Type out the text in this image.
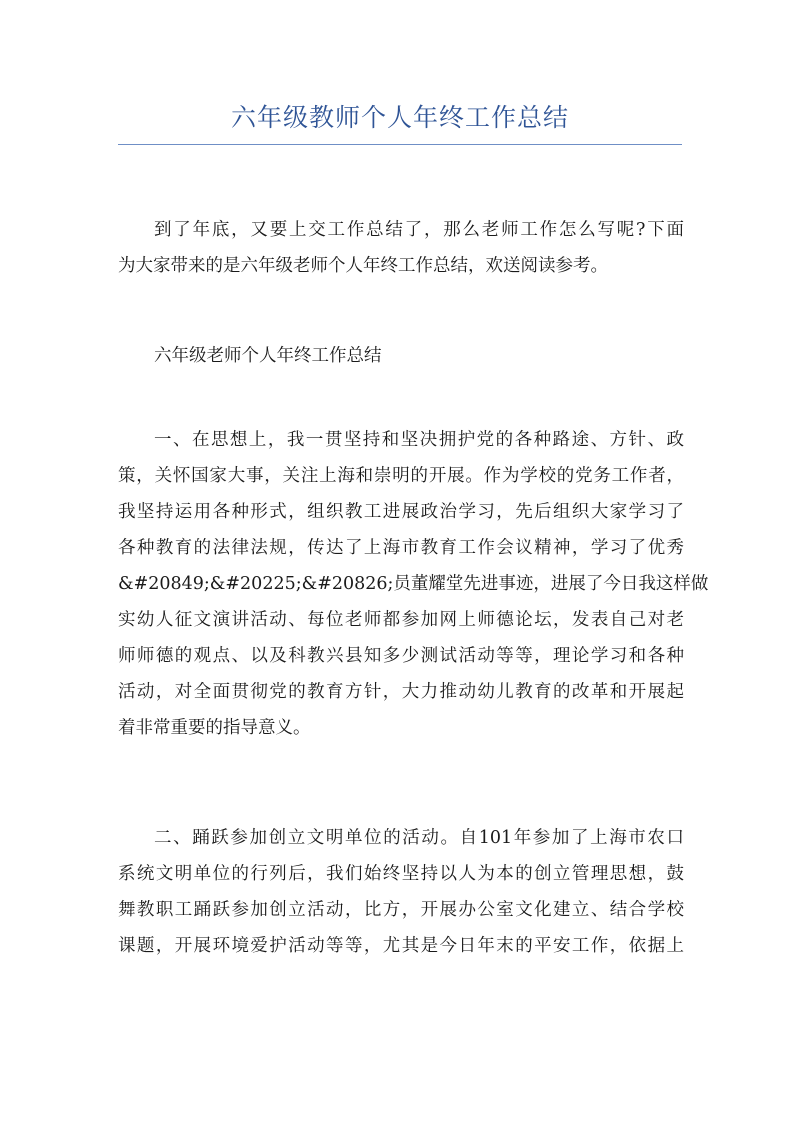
六年级教师个人年终工作总结
到了年底，又要上交工作总结了，那么老师工作怎么写呢?下面
为大家带来的是六年级老师个人年终工作总结，欢送阅读参考。
六年级老师个人年终工作总结
一、在思想上，我一贯坚持和坚决拥护党的各种路途、方针、政
策，关怀国家大事，关注上海和崇明的开展。作为学校的党务工作者，
我坚持运用各种形式，组织教工进展政治学习，先后组织大家学习了
各种教育的法律法规，传达了上海市教育工作会议精神，学习了优秀
&#20849;&#20225;&#20826;员董耀堂先进事迹，进展了今日我这样做
实幼人征文演讲活动、每位老师都参加网上师德论坛，发表自己对老
师师德的观点、以及科教兴县知多少测试活动等等，理论学习和各种
活动，对全面贯彻党的教育方针，大力推动幼儿教育的改革和开展起
着非常重要的指导意义。
二、踊跃参加创立文明单位的活动。自101年参加了上海市农口
系统文明单位的行列后，我们始终坚持以人为本的创立管理思想，鼓
舞教职工踊跃参加创立活动，比方，开展办公室文化建立、结合学校
课题，开展环境爱护活动等等，尤其是今日年末的平安工作，依据上
